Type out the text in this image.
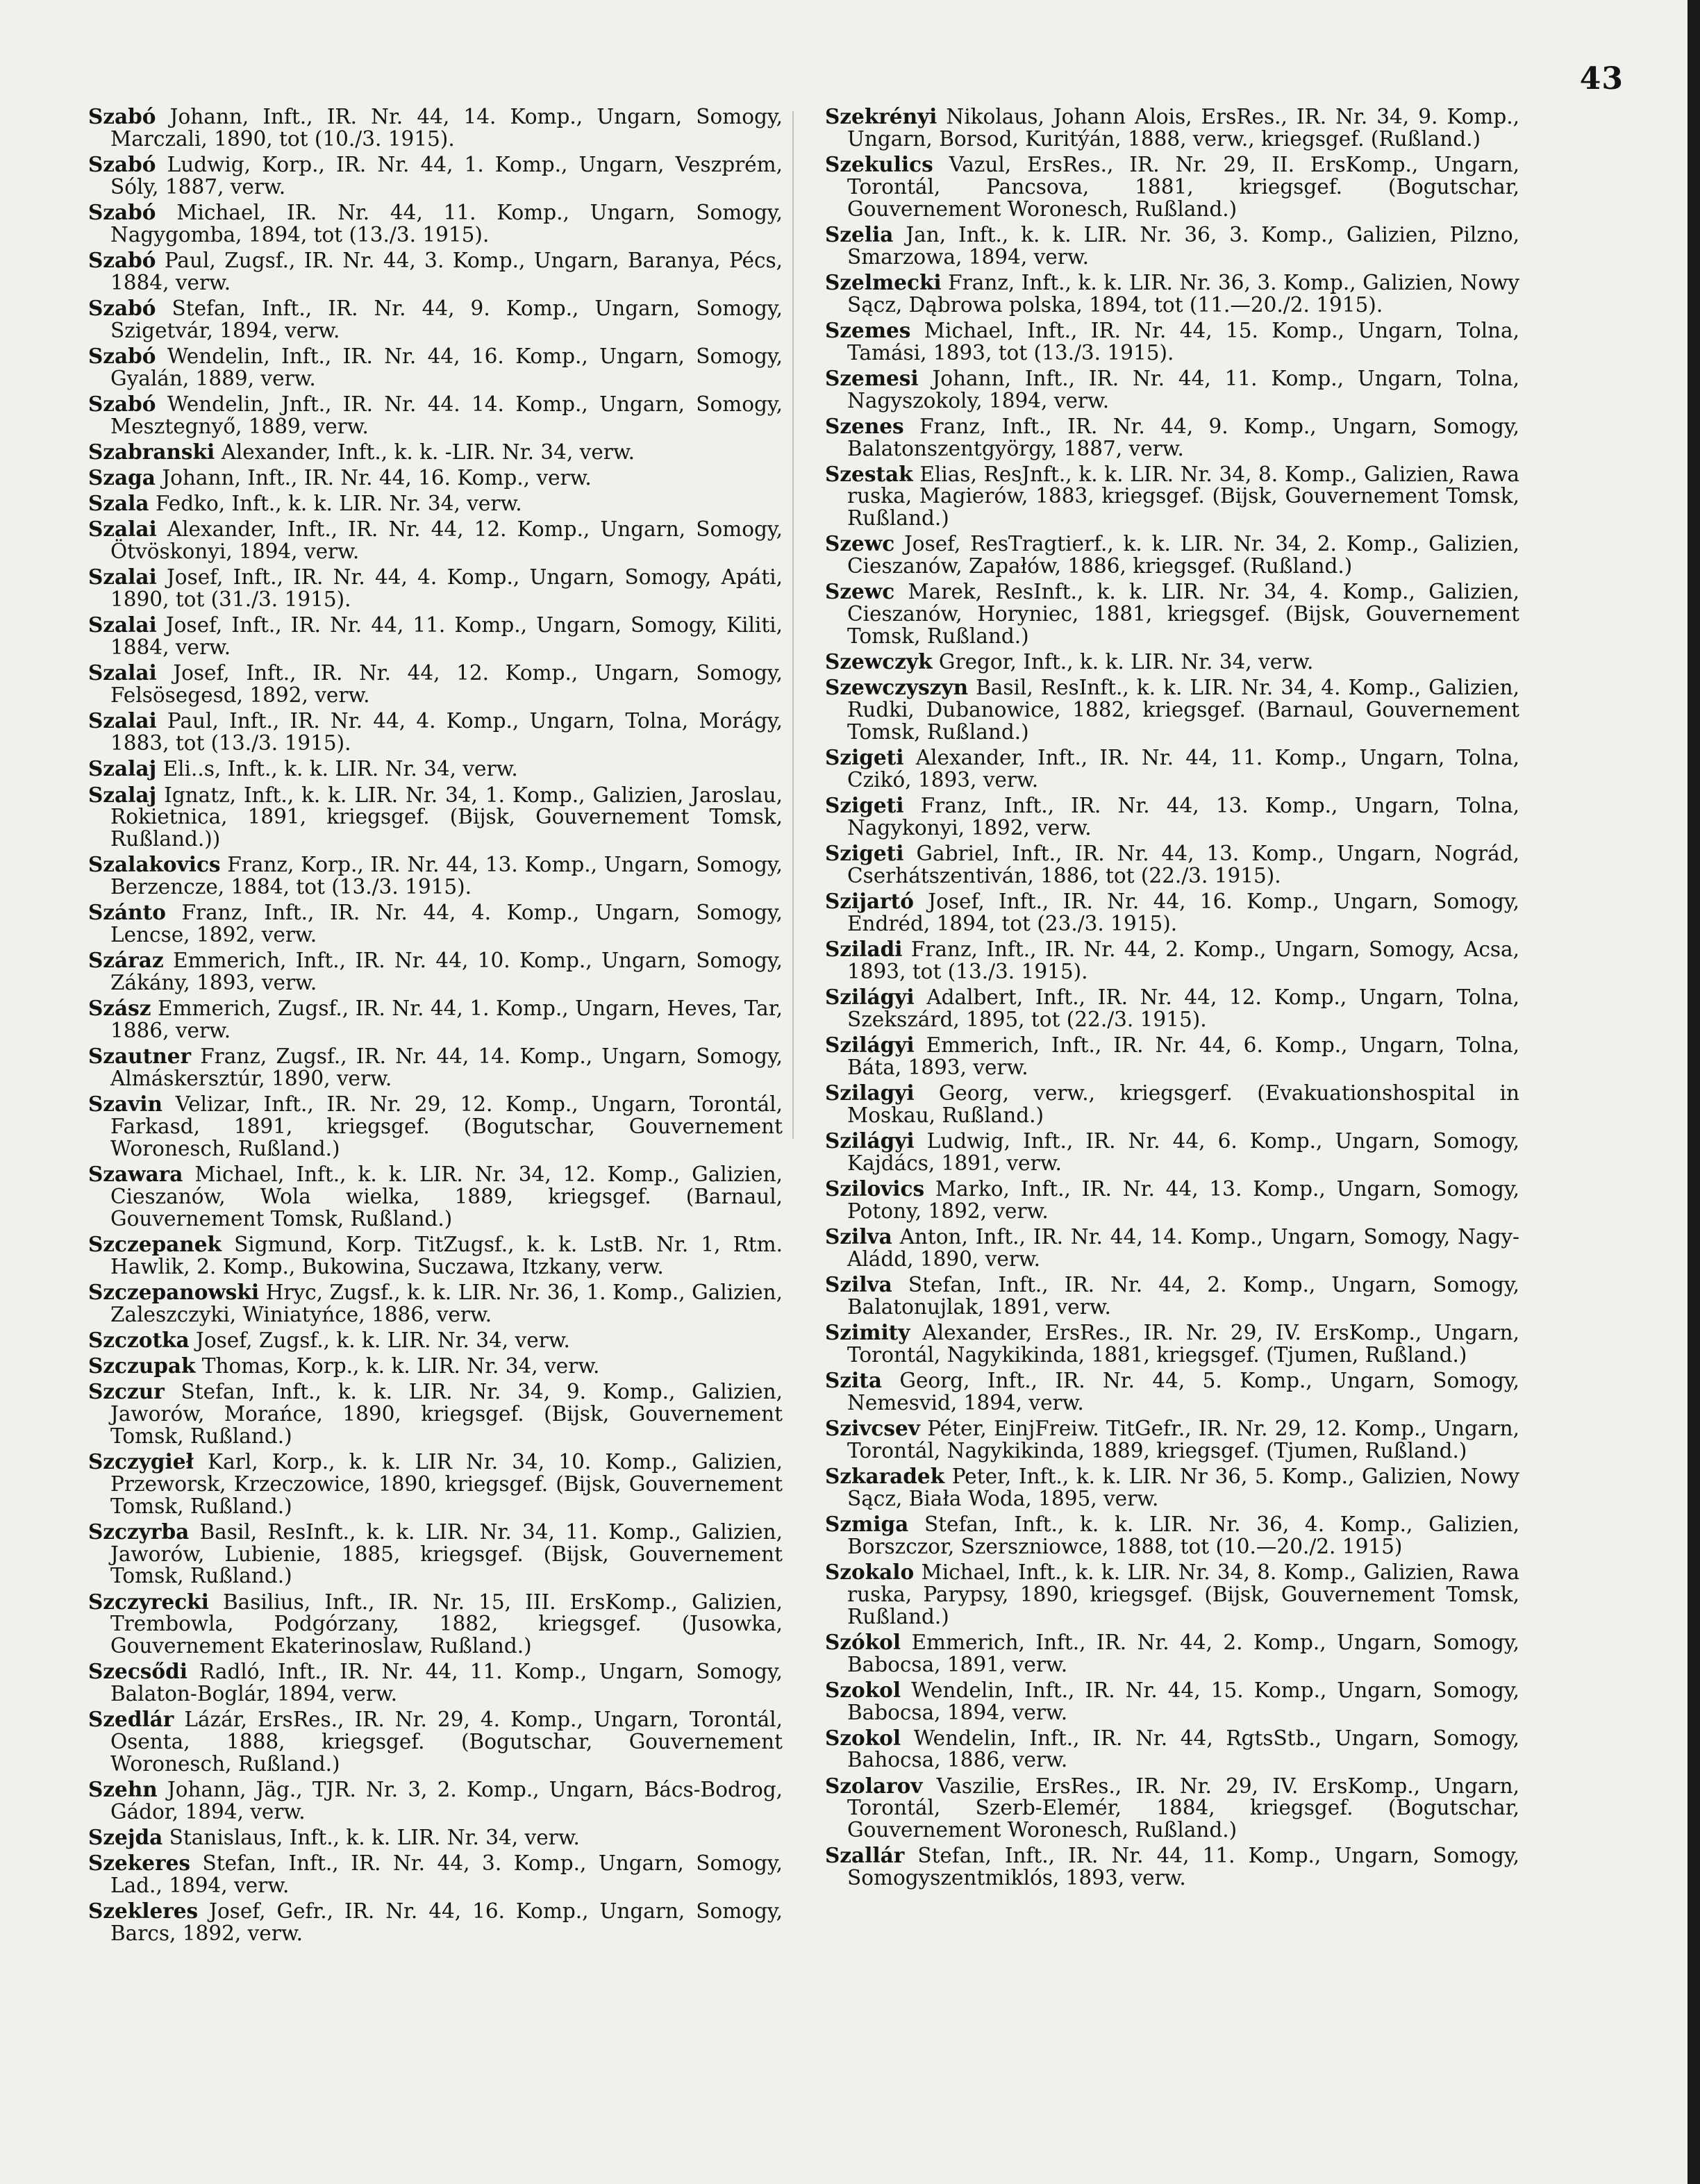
43

Szabó Johann, Inft., IR. Nr. 44, 14. Komp., Ungarn, Somogy, Marczali, 1890, tot (10./3. 1915).

Szabó Ludwig, Korp., IR. Nr. 44, 1. Komp., Ungarn, Veszprém, Sóly, 1887, verw.

Szabó Michael, IR. Nr. 44, 11. Komp., Ungarn, Somogy, Nagygomba, 1894, tot (13./3. 1915).

Szabó Paul, Zugsf., IR. Nr. 44, 3. Komp., Ungarn, Baranya, Pécs, 1884, verw.

Szabó Stefan, Inft., IR. Nr. 44, 9. Komp., Ungarn, Somogy, Szigetvár, 1894, verw.

Szabó Wendelin, Inft., IR. Nr. 44, 16. Komp., Ungarn, Somogy, Gyalán, 1889, verw.

Szabó Wendelin, Jnft., IR. Nr. 44. 14. Komp., Ungarn, Somogy, Mesztegnyő, 1889, verw.

Szabranski Alexander, Inft., k. k. -LIR. Nr. 34, verw.

Szaga Johann, Inft., IR. Nr. 44, 16. Komp., verw.

Szala Fedko, Inft., k. k. LIR. Nr. 34, verw.

Szalai Alexander, Inft., IR. Nr. 44, 12. Komp., Ungarn, Somogy, Ötvöskonyi, 1894, verw.

Szalai Josef, Inft., IR. Nr. 44, 4. Komp., Ungarn, Somogy, Apáti, 1890, tot (31./3. 1915).

Szalai Josef, Inft., IR. Nr. 44, 11. Komp., Ungarn, Somogy, Kiliti, 1884, verw.

Szalai Josef, Inft., IR. Nr. 44, 12. Komp., Ungarn, Somogy, Felsösegesd, 1892, verw.

Szalai Paul, Inft., IR. Nr. 44, 4. Komp., Ungarn, Tolna, Morágy, 1883, tot (13./3. 1915).

Szalaj Eli..s, Inft., k. k. LIR. Nr. 34, verw.

Szalaj Ignatz, Inft., k. k. LIR. Nr. 34, 1. Komp., Galizien, Jaroslau, Rokietnica, 1891, kriegsgef. (Bijsk, Gouvernement Tomsk, Rußland.))

Szalakovics Franz, Korp., IR. Nr. 44, 13. Komp., Ungarn, Somogy, Berzencze, 1884, tot (13./3. 1915).

Szánto Franz, Inft., IR. Nr. 44, 4. Komp., Ungarn, Somogy, Lencse, 1892, verw.

Száraz Emmerich, Inft., IR. Nr. 44, 10. Komp., Ungarn, Somogy, Zákány, 1893, verw.

Szász Emmerich, Zugsf., IR. Nr. 44, 1. Komp., Ungarn, Heves, Tar, 1886, verw.

Szautner Franz, Zugsf., IR. Nr. 44, 14. Komp., Ungarn, Somogy, Almáskersztúr, 1890, verw.

Szavin Velizar, Inft., IR. Nr. 29, 12. Komp., Ungarn, Torontál, Farkasd, 1891, kriegsgef. (Bogutschar, Gouvernement Woronesch, Rußland.)

Szawara Michael, Inft., k. k. LIR. Nr. 34, 12. Komp., Galizien, Cieszanów, Wola wielka, 1889, kriegsgef. (Barnaul, Gouvernement Tomsk, Rußland.)

Szczepanek Sigmund, Korp. TitZugsf., k. k. LstB. Nr. 1, Rtm. Hawlik, 2. Komp., Bukowina, Suczawa, Itzkany, verw.

Szczepanowski Hryc, Zugsf., k. k. LIR. Nr. 36, 1. Komp., Galizien, Zaleszczyki, Winiatyńce, 1886, verw.

Szczotka Josef, Zugsf., k. k. LIR. Nr. 34, verw.

Szczupak Thomas, Korp., k. k. LIR. Nr. 34, verw.

Szczur Stefan, Inft., k. k. LIR. Nr. 34, 9. Komp., Galizien, Jaworów, Morańce, 1890, kriegsgef. (Bijsk, Gouvernement Tomsk, Rußland.)

Szczygieł Karl, Korp., k. k. LIR Nr. 34, 10. Komp., Galizien, Przeworsk, Krzeczowice, 1890, kriegsgef. (Bijsk, Gouvernement Tomsk, Rußland.)

Szczyrba Basil, ResInft., k. k. LIR. Nr. 34, 11. Komp., Galizien, Jaworów, Lubienie, 1885, kriegsgef. (Bijsk, Gouvernement Tomsk, Rußland.)

Szczyrecki Basilius, Inft., IR. Nr. 15, III. ErsKomp., Galizien, Trembowla, Podgórzany, 1882, kriegsgef. (Jusowka, Gouvernement Ekaterinoslaw, Rußland.)

Szecsődi Radló, Inft., IR. Nr. 44, 11. Komp., Ungarn, Somogy, Balaton-Boglár, 1894, verw.

Szedlár Lázár, ErsRes., IR. Nr. 29, 4. Komp., Ungarn, Torontál, Osenta, 1888, kriegsgef. (Bogutschar, Gouvernement Woronesch, Rußland.)

Szehn Johann, Jäg., TJR. Nr. 3, 2. Komp., Ungarn, Bács-Bodrog, Gádor, 1894, verw.

Szejda Stanislaus, Inft., k. k. LIR. Nr. 34, verw.

Szekeres Stefan, Inft., IR. Nr. 44, 3. Komp., Ungarn, Somogy, Lad., 1894, verw.

Szekleres Josef, Gefr., IR. Nr. 44, 16. Komp., Ungarn, Somogy, Barcs, 1892, verw.

Szekrényi Nikolaus, Johann Alois, ErsRes., IR. Nr. 34, 9. Komp., Ungarn, Borsod, Kuritýán, 1888, verw., kriegsgef. (Rußland.)

Szekulics Vazul, ErsRes., IR. Nr. 29, II. ErsKomp., Ungarn, Torontál, Pancsova, 1881, kriegsgef. (Bogutschar, Gouvernement Woronesch, Rußland.)

Szelia Jan, Inft., k. k. LIR. Nr. 36, 3. Komp., Galizien, Pilzno, Smarzowa, 1894, verw.

Szelmecki Franz, Inft., k. k. LIR. Nr. 36, 3. Komp., Galizien, Nowy Sącz, Dąbrowa polska, 1894, tot (11.—20./2. 1915).

Szemes Michael, Inft., IR. Nr. 44, 15. Komp., Ungarn, Tolna, Tamási, 1893, tot (13./3. 1915).

Szemesi Johann, Inft., IR. Nr. 44, 11. Komp., Ungarn, Tolna, Nagyszokoly, 1894, verw.

Szenes Franz, Inft., IR. Nr. 44, 9. Komp., Ungarn, Somogy, Balatonszentgyörgy, 1887, verw.

Szestak Elias, ResJnft., k. k. LIR. Nr. 34, 8. Komp., Galizien, Rawa ruska, Magierów, 1883, kriegsgef. (Bijsk, Gouvernement Tomsk, Rußland.)

Szewc Josef, ResTragtierf., k. k. LIR. Nr. 34, 2. Komp., Galizien, Cieszanów, Zapałów, 1886, kriegsgef. (Rußland.)

Szewc Marek, ResInft., k. k. LIR. Nr. 34, 4. Komp., Galizien, Cieszanów, Horyniec, 1881, kriegsgef. (Bijsk, Gouvernement Tomsk, Rußland.)

Szewczyk Gregor, Inft., k. k. LIR. Nr. 34, verw.

Szewczyszyn Basil, ResInft., k. k. LIR. Nr. 34, 4. Komp., Galizien, Rudki, Dubanowice, 1882, kriegsgef. (Barnaul, Gouvernement Tomsk, Rußland.)

Szigeti Alexander, Inft., IR. Nr. 44, 11. Komp., Ungarn, Tolna, Czikó, 1893, verw.

Szigeti Franz, Inft., IR. Nr. 44, 13. Komp., Ungarn, Tolna, Nagykonyi, 1892, verw.

Szigeti Gabriel, Inft., IR. Nr. 44, 13. Komp., Ungarn, Nográd, Cserhátszentiván, 1886, tot (22./3. 1915).

Szijartó Josef, Inft., IR. Nr. 44, 16. Komp., Ungarn, Somogy, Endréd, 1894, tot (23./3. 1915).

Sziladi Franz, Inft., IR. Nr. 44, 2. Komp., Ungarn, Somogy, Acsa, 1893, tot (13./3. 1915).

Szilágyi Adalbert, Inft., IR. Nr. 44, 12. Komp., Ungarn, Tolna, Szekszárd, 1895, tot (22./3. 1915).

Szilágyi Emmerich, Inft., IR. Nr. 44, 6. Komp., Ungarn, Tolna, Báta, 1893, verw.

Szilagyi Georg, verw., kriegsgerf. (Evakuationshospital in Moskau, Rußland.)

Szilágyi Ludwig, Inft., IR. Nr. 44, 6. Komp., Ungarn, Somogy, Kajdács, 1891, verw.

Szilovics Marko, Inft., IR. Nr. 44, 13. Komp., Ungarn, Somogy, Potony, 1892, verw.

Szilva Anton, Inft., IR. Nr. 44, 14. Komp., Ungarn, Somogy, Nagy-Aládd, 1890, verw.

Szilva Stefan, Inft., IR. Nr. 44, 2. Komp., Ungarn, Somogy, Balatonujlak, 1891, verw.

Szimity Alexander, ErsRes., IR. Nr. 29, IV. ErsKomp., Ungarn, Torontál, Nagykikinda, 1881, kriegsgef. (Tjumen, Rußland.)

Szita Georg, Inft., IR. Nr. 44, 5. Komp., Ungarn, Somogy, Nemesvid, 1894, verw.

Szivcsev Péter, EinjFreiw. TitGefr., IR. Nr. 29, 12. Komp., Ungarn, Torontál, Nagykikinda, 1889, kriegsgef. (Tjumen, Rußland.)

Szkaradek Peter, Inft., k. k. LIR. Nr 36, 5. Komp., Galizien, Nowy Sącz, Biała Woda, 1895, verw.

Szmiga Stefan, Inft., k. k. LIR. Nr. 36, 4. Komp., Galizien, Borszczor, Szerszniowce, 1888, tot (10.—20./2. 1915)

Szokalo Michael, Inft., k. k. LIR. Nr. 34, 8. Komp., Galizien, Rawa ruska, Parypsy, 1890, kriegsgef. (Bijsk, Gouvernement Tomsk, Rußland.)

Szókol Emmerich, Inft., IR. Nr. 44, 2. Komp., Ungarn, Somogy, Babocsa, 1891, verw.

Szokol Wendelin, Inft., IR. Nr. 44, 15. Komp., Ungarn, Somogy, Babocsa, 1894, verw.

Szokol Wendelin, Inft., IR. Nr. 44, RgtsStb., Ungarn, Somogy, Bahocsa, 1886, verw.

Szolarov Vaszilie, ErsRes., IR. Nr. 29, IV. ErsKomp., Ungarn, Torontál, Szerb-Elemér, 1884, kriegsgef. (Bogutschar, Gouvernement Woronesch, Rußland.)

Szallár Stefan, Inft., IR. Nr. 44, 11. Komp., Ungarn, Somogy, Somogyszentmiklós, 1893, verw.
